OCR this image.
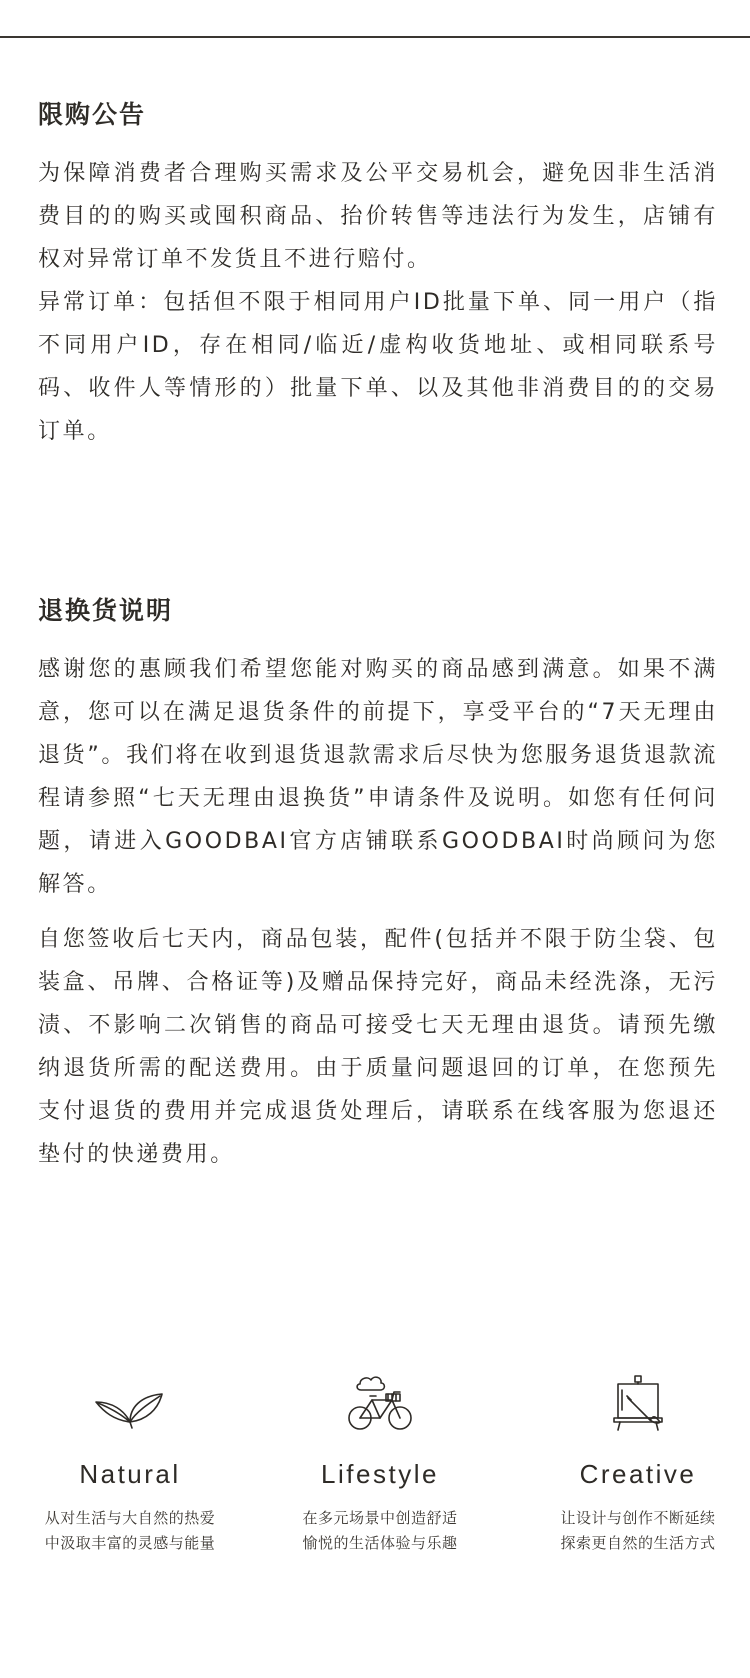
限购公告

为保障消费者合理购买需求及公平交易机会，避免因非生活消费目的的购买或囤积商品、抬价转售等违法行为发生，店铺有权对异常订单不发货且不进行赔付。

异常订单：包括但不限于相同用户ID批量下单、同一用户（指不同用户ID，存在相同/临近/虚构收货地址、或相同联系号码、收件人等情形的）批量下单、以及其他非消费目的的交易订单。

退换货说明

感谢您的惠顾我们希望您能对购买的商品感到满意。如果不满意，您可以在满足退货条件的前提下，享受平台的“7天无理由退货”。我们将在收到退货退款需求后尽快为您服务退货退款流程请参照“七天无理由退换货”申请条件及说明。如您有任何问题，请进入GOODBAI官方店铺联系GOODBAI时尚顾问为您解答。

自您签收后七天内，商品包装，配件(包括并不限于防尘袋、包装盒、吊牌、合格证等)及赠品保持完好，商品未经洗涤，无污渍、不影响二次销售的商品可接受七天无理由退货。请预先缴纳退货所需的配送费用。由于质量问题退回的订单，在您预先支付退货的费用并完成退货处理后，请联系在线客服为您退还垫付的快递费用。

Natural
从对生活与大自然的热爱
中汲取丰富的灵感与能量
Lifestyle
在多元场景中创造舒适
愉悦的生活体验与乐趣
Creative
让设计与创作不断延续
探索更自然的生活方式
